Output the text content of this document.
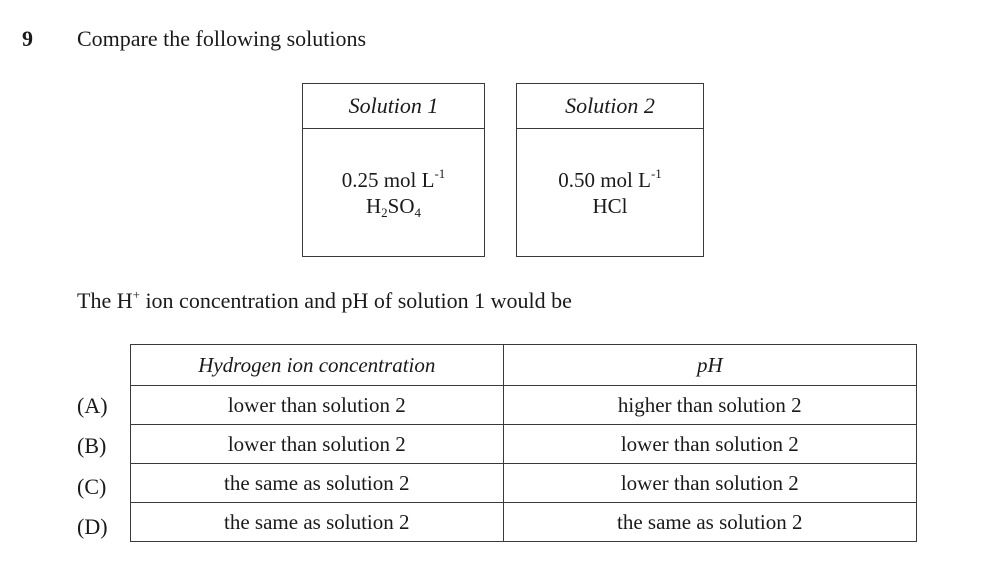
9 Compare the following solutions
Solution 1
0.25 mol $L^{-1}$
$H_2SO_4$
Solution 2
0.50 mol $L^{-1}$
HCl
The H+ ion concentration and pH of solution 1 would be
(A)
(B)
(C)
(D)
Hydrogen ion concentration	pH
lower than solution 2	higher than solution 2
lower than solution 2	lower than solution 2
the same as solution 2	lower than solution 2
the same as solution 2	the same as solution 2
